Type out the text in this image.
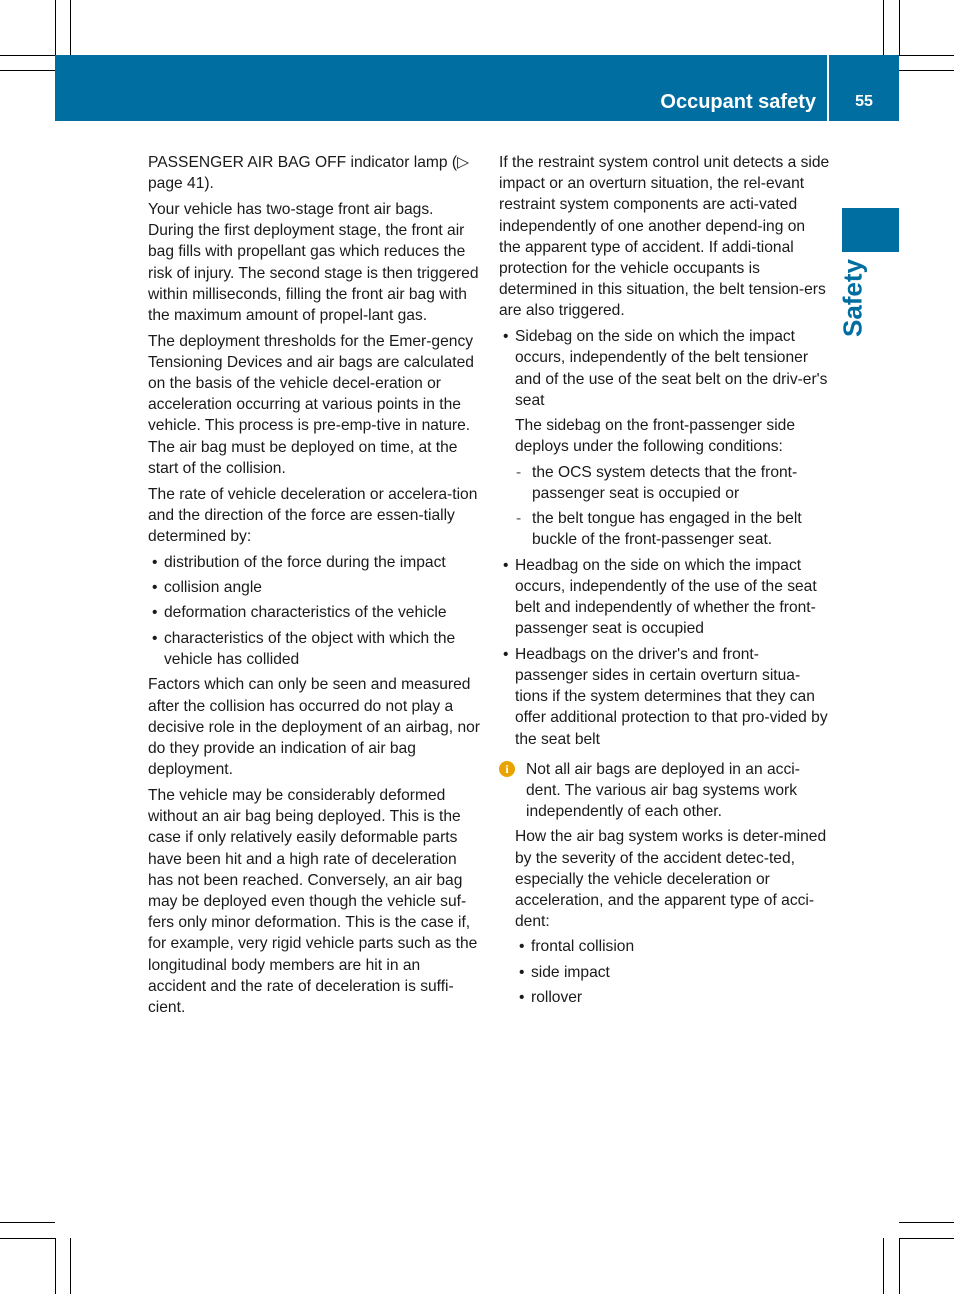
Occupant safety	55
Safety

PASSENGER AIR BAG OFF indicator lamp (▷ page 41).

Your vehicle has two-stage front air bags. During the first deployment stage, the front air bag fills with propellant gas which reduces the risk of injury. The second stage is then triggered within milliseconds, filling the front air bag with the maximum amount of propel-lant gas.

The deployment thresholds for the Emer-gency Tensioning Devices and air bags are calculated on the basis of the vehicle decel-eration or acceleration occurring at various points in the vehicle. This process is pre-emp-tive in nature. The air bag must be deployed on time, at the start of the collision.

The rate of vehicle deceleration or accelera-tion and the direction of the force are essen-tially determined by:

• distribution of the force during the impact
• collision angle
• deformation characteristics of the vehicle
• characteristics of the object with which the vehicle has collided

Factors which can only be seen and measured after the collision has occurred do not play a decisive role in the deployment of an airbag, nor do they provide an indication of air bag deployment.

The vehicle may be considerably deformed without an air bag being deployed. This is the case if only relatively easily deformable parts have been hit and a high rate of deceleration has not been reached. Conversely, an air bag may be deployed even though the vehicle suf-fers only minor deformation. This is the case if, for example, very rigid vehicle parts such as the longitudinal body members are hit in an accident and the rate of deceleration is suffi-cient.

If the restraint system control unit detects a side impact or an overturn situation, the rel-evant restraint system components are acti-vated independently of one another depend-ing on the apparent type of accident. If addi-tional protection for the vehicle occupants is determined in this situation, the belt tension-ers are also triggered.

• Sidebag on the side on which the impact occurs, independently of the belt tensioner and of the use of the seat belt on the driv-er's seat

The sidebag on the front-passenger side deploys under the following conditions:

- the OCS system detects that the front-passenger seat is occupied or
- the belt tongue has engaged in the belt buckle of the front-passenger seat.
• Headbag on the side on which the impact occurs, independently of the use of the seat belt and independently of whether the front-passenger seat is occupied
• Headbags on the driver's and front-passenger sides in certain overturn situa-tions if the system determines that they can offer additional protection to that pro-vided by the seat belt
i	Not all air bags are deployed in an acci-dent. The various air bag systems work independently of each other.

How the air bag system works is deter-mined by the severity of the accident detec-ted, especially the vehicle deceleration or acceleration, and the apparent type of acci-dent:

• frontal collision
• side impact
• rollover
